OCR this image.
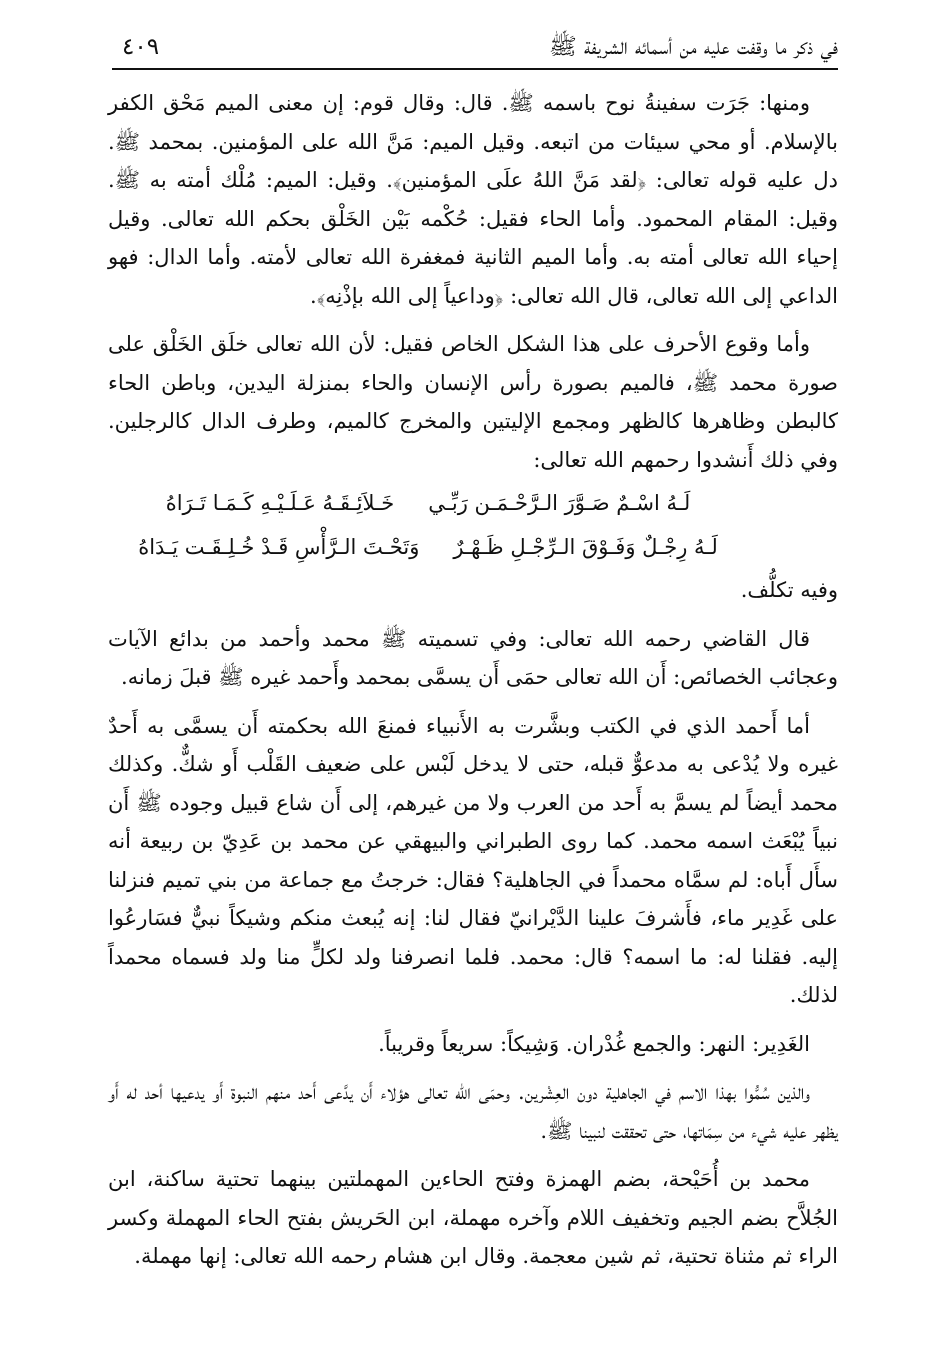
في ذكر ما وقفت عليه من أسمائه الشريفة ﷺ
٤٠٩

ومنها: جَرَت سفينةُ نوح باسمه ﷺ. قال: وقال قوم: إن معنى الميم مَحْق الكفر بالإسلام. أو محي سيئات من اتبعه. وقيل الميم: مَنَّ الله على المؤمنين. بمحمد ﷺ. دل عليه قوله تعالى: ﴿لقد مَنَّ اللهُ علَى المؤمنين﴾. وقيل: الميم: مُلْك أمته به ﷺ. وقيل: المقام المحمود. وأما الحاء فقيل: حُكْمه بَيْن الخَلْق بحكم الله تعالى. وقيل إحياء الله تعالى أمته به. وأما الميم الثانية فمغفرة الله تعالى لأمته. وأما الدال: فهو الداعي إلى الله تعالى، قال الله تعالى: ﴿وداعياً إلى الله بإذْنِه﴾.

وأما وقوع الأحرف على هذا الشكل الخاص فقيل: لأن الله تعالى خلَق الخَلْق على صورة محمد ﷺ، فالميم بصورة رأس الإنسان والحاء بمنزلة اليدين، وباطن الحاء كالبطن وظاهرها كالظهر ومجمع الإليتين والمخرج كالميم، وطرف الدال كالرجلين. وفي ذلك أَنشدوا رحمهم الله تعالى:

لَـهُ اسْـمٌ صَـوَّرَ الـرَّحْـمَـن رَبِّـي
خَـلاَئِـقَـهُ عَـلَـيْـهِ كَـمَـا تَـرَاهُ
لَـهُ رِجْـلٌ وَفَـوْقَ الـرِّجْـلِ ظَـهْـرٌ
وَتَحْـتَ الـرَّأْسِ قَـدْ خُـلِـقَـت يَـدَاهُ

وفيه تكلُّف.

قال القاضي رحمه الله تعالى: وفي تسميته ﷺ محمد وأحمد من بدائع الآيات وعجائب الخصائص: أَن الله تعالى حمَى أَن يسمَّى بمحمد وأَحمد غيره ﷺ قبلَ زمانه.

أما أَحمد الذي في الكتب وبشَّرت به الأَنبياء فمنعَ الله بحكمته أَن يسمَّى به أَحدٌ غيره ولا يُدْعى به مدعوٌّ قبله، حتى لا يدخل لَبْس على ضعيف القَلْب أَو شكٌّ. وكذلك محمد أيضاً لم يسمَّ به أَحد من العرب ولا من غيرهم، إلى أَن شاع قبيل وجوده ﷺ أَن نبياً يُبْعَث اسمه محمد. كما روى الطبراني والبيهقي عن محمد بن عَدِيّ بن ربيعة أنه سأَل أَباه: لم سمَّاه محمداً في الجاهلية؟ فقال: خرجتُ مع جماعة من بني تميم فنزلنا على غَدِير ماء، فأَشرفَ علينا الدَّيْرانيّ فقال لنا: إنه يُبعث منكم وشيكاً نبيٌّ فسَارعُوا إليه. فقلنا له: ما اسمه؟ قال: محمد. فلما انصرفنا ولد لكلٍّ منا ولد فسماه محمداً لذلك.

الغَدِير: النهر: والجمع غُدْران. وَشِيكاً: سريعاً وقريباً.

والذين سُمُّوا بهذا الاسم في الجاهلية دون العِشْرين. وحمَى الله تعالى هؤلاء أَن يدَّعى أَحد منهم النبوة أَو يدعيها أحد له أَو يظهر عليه شيء من سِمَاتها، حتى تحققت لنبينا ﷺ.

محمد بن أُحَيْحة، بضم الهمزة وفتح الحاءين المهملتين بينهما تحتية ساكنة، ابن الجُلاَّح بضم الجيم وتخفيف اللام وآخره مهملة، ابن الحَريش بفتح الحاء المهملة وكسر الراء ثم مثناة تحتية، ثم شين معجمة. وقال ابن هشام رحمه الله تعالى: إنها مهملة.
